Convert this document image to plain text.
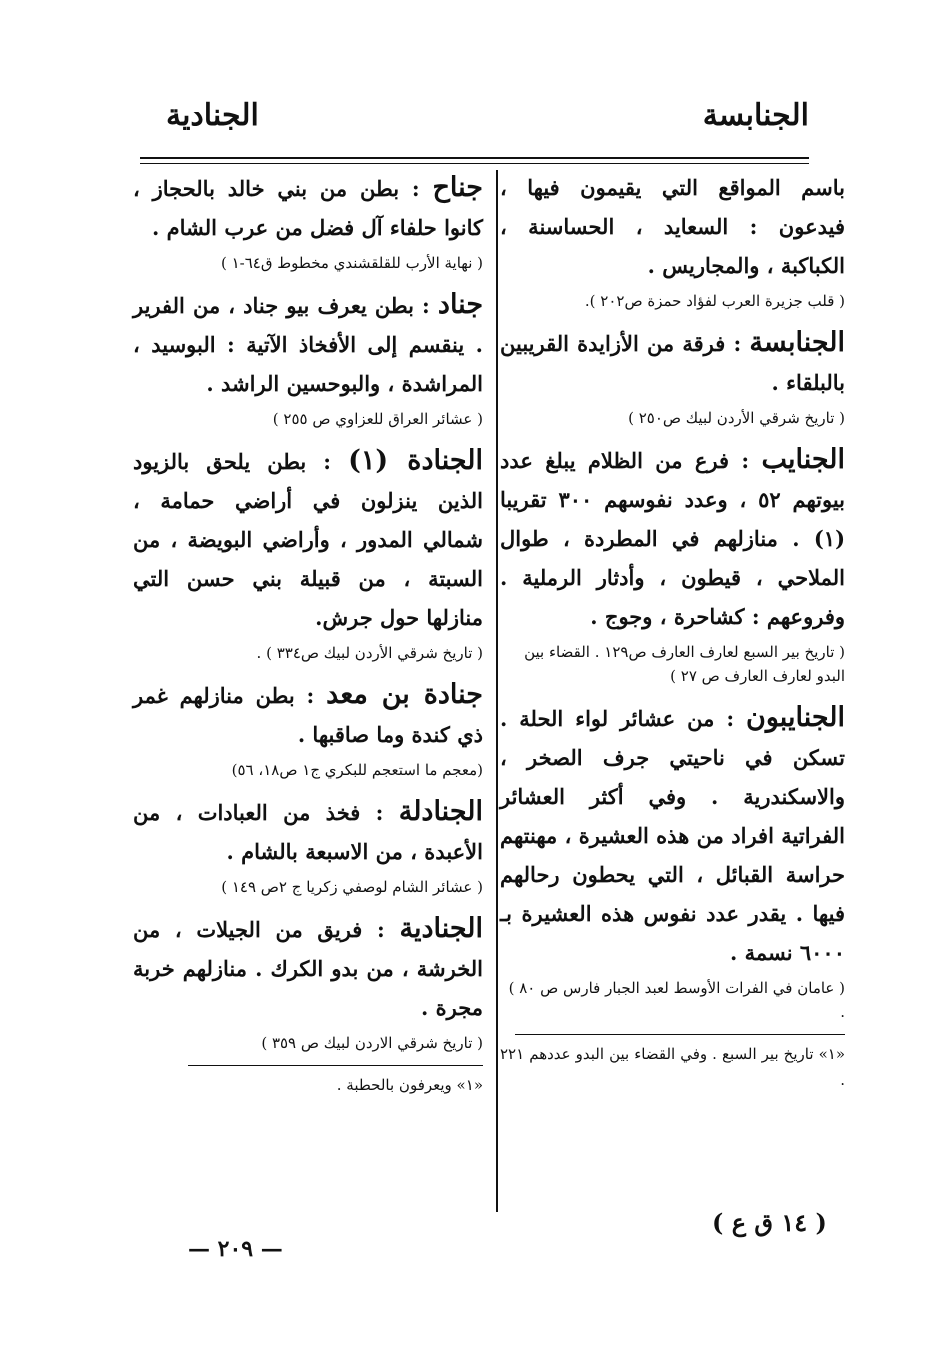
الجنابسة
الجنادية

باسم المواقع التي يقيمون فيها ، فيدعون : السعايد ، الحساسنة ، الكباكبة ، والمجاريس .

( قلب جزيرة العرب لفؤاد حمزة ص٢٠٢ ).

الجنابسة : فرقة من الأزايدة القريبين بالبلقاء .

( تاريخ شرقي الأردن لبيك ص٢٥٠ )

الجنايب : فرع من الظلام يبلغ عدد بيوتهم ٥٢ ، وعدد نفوسهم ٣٠٠ تقريبا (١) . منازلهم في المطردة ، طوال الملاحي ، قيطون ، وأدثار الرملية . وفروعهم : كشاحرة ، وجوج .

( تاريخ بير السبع لعارف العارف ص١٢٩ . القضاء بين البدو لعارف العارف ص ٢٧ )

الجنايبون : من عشائر لواء الحلة . تسكن في ناحيتي جرف الصخر ، والاسكندرية . وفي أكثر العشائر الفراتية افراد من هذه العشيرة ، مهنتهم حراسة القبائل ، التي يحطون رحالهم فيها . يقدر عدد نفوس هذه العشيرة بـ ٦٠٠٠ نسمة .

( عامان في الفرات الأوسط لعبد الجبار فارس ص ٨٠ ) .

«١» تاريخ بير السبع . وفي القضاء بين البدو عددهم ٢٢١ .

جناح : بطن من بني خالد بالحجاز ، كانوا حلفاء آل فضل من عرب الشام .

( نهاية الأرب للقلقشندي مخطوط ق٦٤-١ )

جناد : بطن يعرف بيو جناد ، من الفرير . ينقسم إلى الأفخاذ الآتية : البوسيد ، المراشدة ، والبوحسين الراشد .

( عشائر العراق للعزاوي ص ٢٥٥ )

الجنادة (١) : بطن يلحق بالزيود الذين ينزلون في أراضي حمامة ، شمالي المدور ، وأراضي البويضة ، من السبتة ، من قبيلة بني حسن التي منازلها حول جرش.

( تاريخ شرقي الأردن لبيك ص٣٣٤ ) .

جنادة بن معد : بطن منازلهم غمر ذي كندة وما صاقبها .

(معجم ما استعجم للبكري ج١ ص١٨، ٥٦)

الجنادلة : فخذ من العبادات ، من الأعبدة ، من الاسبعة بالشام .

( عشائر الشام لوصفي زكريا ج ٢ص ١٤٩ )

الجنادية : فريق من الجيلات ، من الخرشة ، من بدو الكرك . منازلهم خربة مجرة .

( تاريخ شرقي الاردن لبيك ص ٣٥٩ )

«١» ويعرفون بالحطبة .

( ١٤ ق ع )
— ٢٠٩ —
